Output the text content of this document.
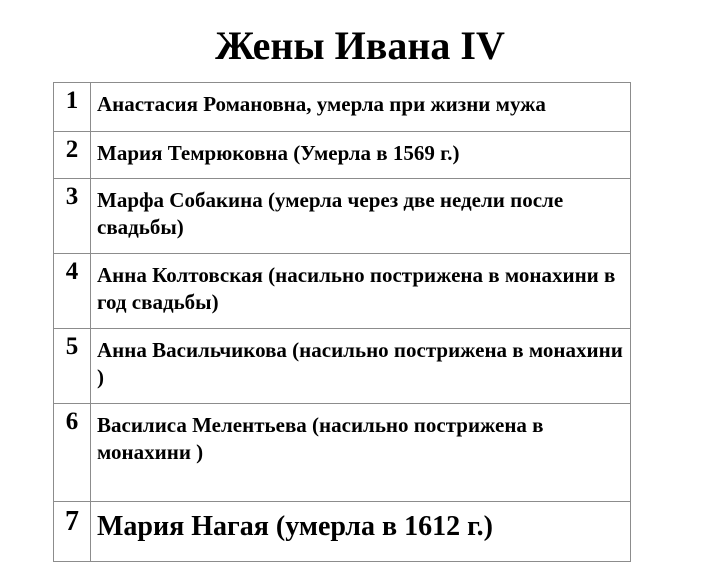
Жены Ивана IV
1	Анастасия Романовна, умерла при жизни мужа
2	Мария Темрюковна (Умерла в 1569 г.)
3	Марфа Собакина (умерла через две недели после свадьбы)
4	Анна Колтовская (насильно пострижена в монахини в год свадьбы)
5	Анна Васильчикова (насильно пострижена в монахини )
6	Василиса Мелентьева (насильно пострижена в монахини )
7	Мария Нагая (умерла в 1612 г.)
